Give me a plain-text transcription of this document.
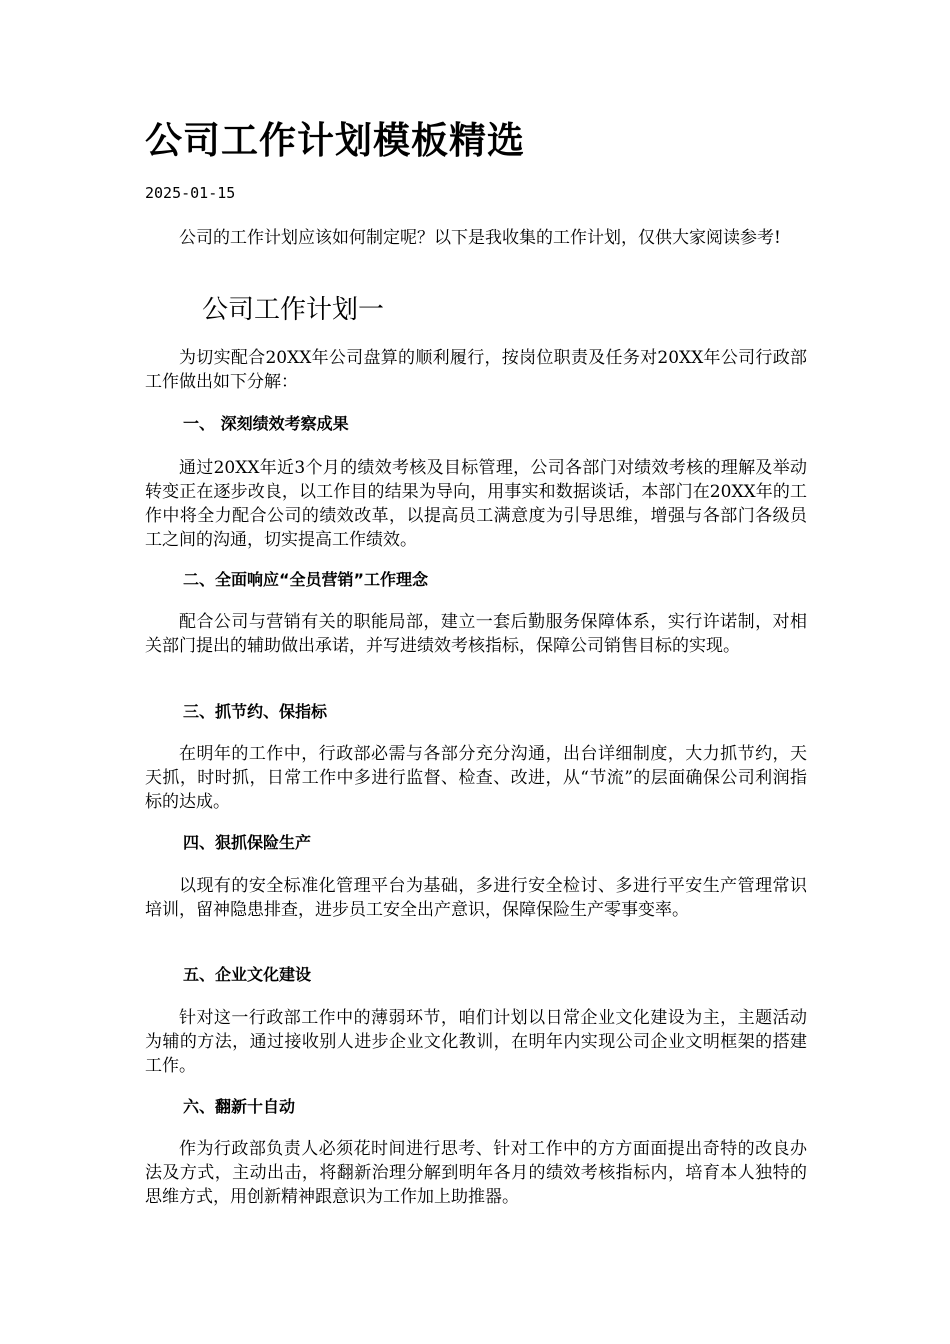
公司工作计划模板精选
2025-01-15

公司的工作计划应该如何制定呢？以下是我收集的工作计划，仅供大家阅读参考!

公司工作计划一

为切实配合20XX年公司盘算的顺利履行，按岗位职责及任务对20XX年公司行政部工作做出如下分解：

一、 深刻绩效考察成果

通过20XX年近3个月的绩效考核及目标管理，公司各部门对绩效考核的理解及举动转变正在逐步改良，以工作目的结果为导向，用事实和数据谈话，本部门在20XX年的工作中将全力配合公司的绩效改革，以提高员工满意度为引导思维，增强与各部门各级员工之间的沟通，切实提高工作绩效。

二、全面响应“全员营销”工作理念

配合公司与营销有关的职能局部，建立一套后勤服务保障体系，实行许诺制，对相关部门提出的辅助做出承诺，并写进绩效考核指标，保障公司销售目标的实现。

三、抓节约、保指标

在明年的工作中，行政部必需与各部分充分沟通，出台详细制度，大力抓节约，天天抓，时时抓，日常工作中多进行监督、检查、改进，从“节流”的层面确保公司利润指标的达成。

四、狠抓保险生产

以现有的安全标准化管理平台为基础，多进行安全检讨、多进行平安生产管理常识培训，留神隐患排查，进步员工安全出产意识，保障保险生产零事变率。

五、企业文化建设

针对这一行政部工作中的薄弱环节，咱们计划以日常企业文化建设为主，主题活动为辅的方法，通过接收别人进步企业文化教训，在明年内实现公司企业文明框架的搭建工作。

六、翻新十自动

作为行政部负责人必须花时间进行思考、针对工作中的方方面面提出奇特的改良办法及方式，主动出击，将翻新治理分解到明年各月的绩效考核指标内，培育本人独特的思维方式，用创新精神跟意识为工作加上助推器。
